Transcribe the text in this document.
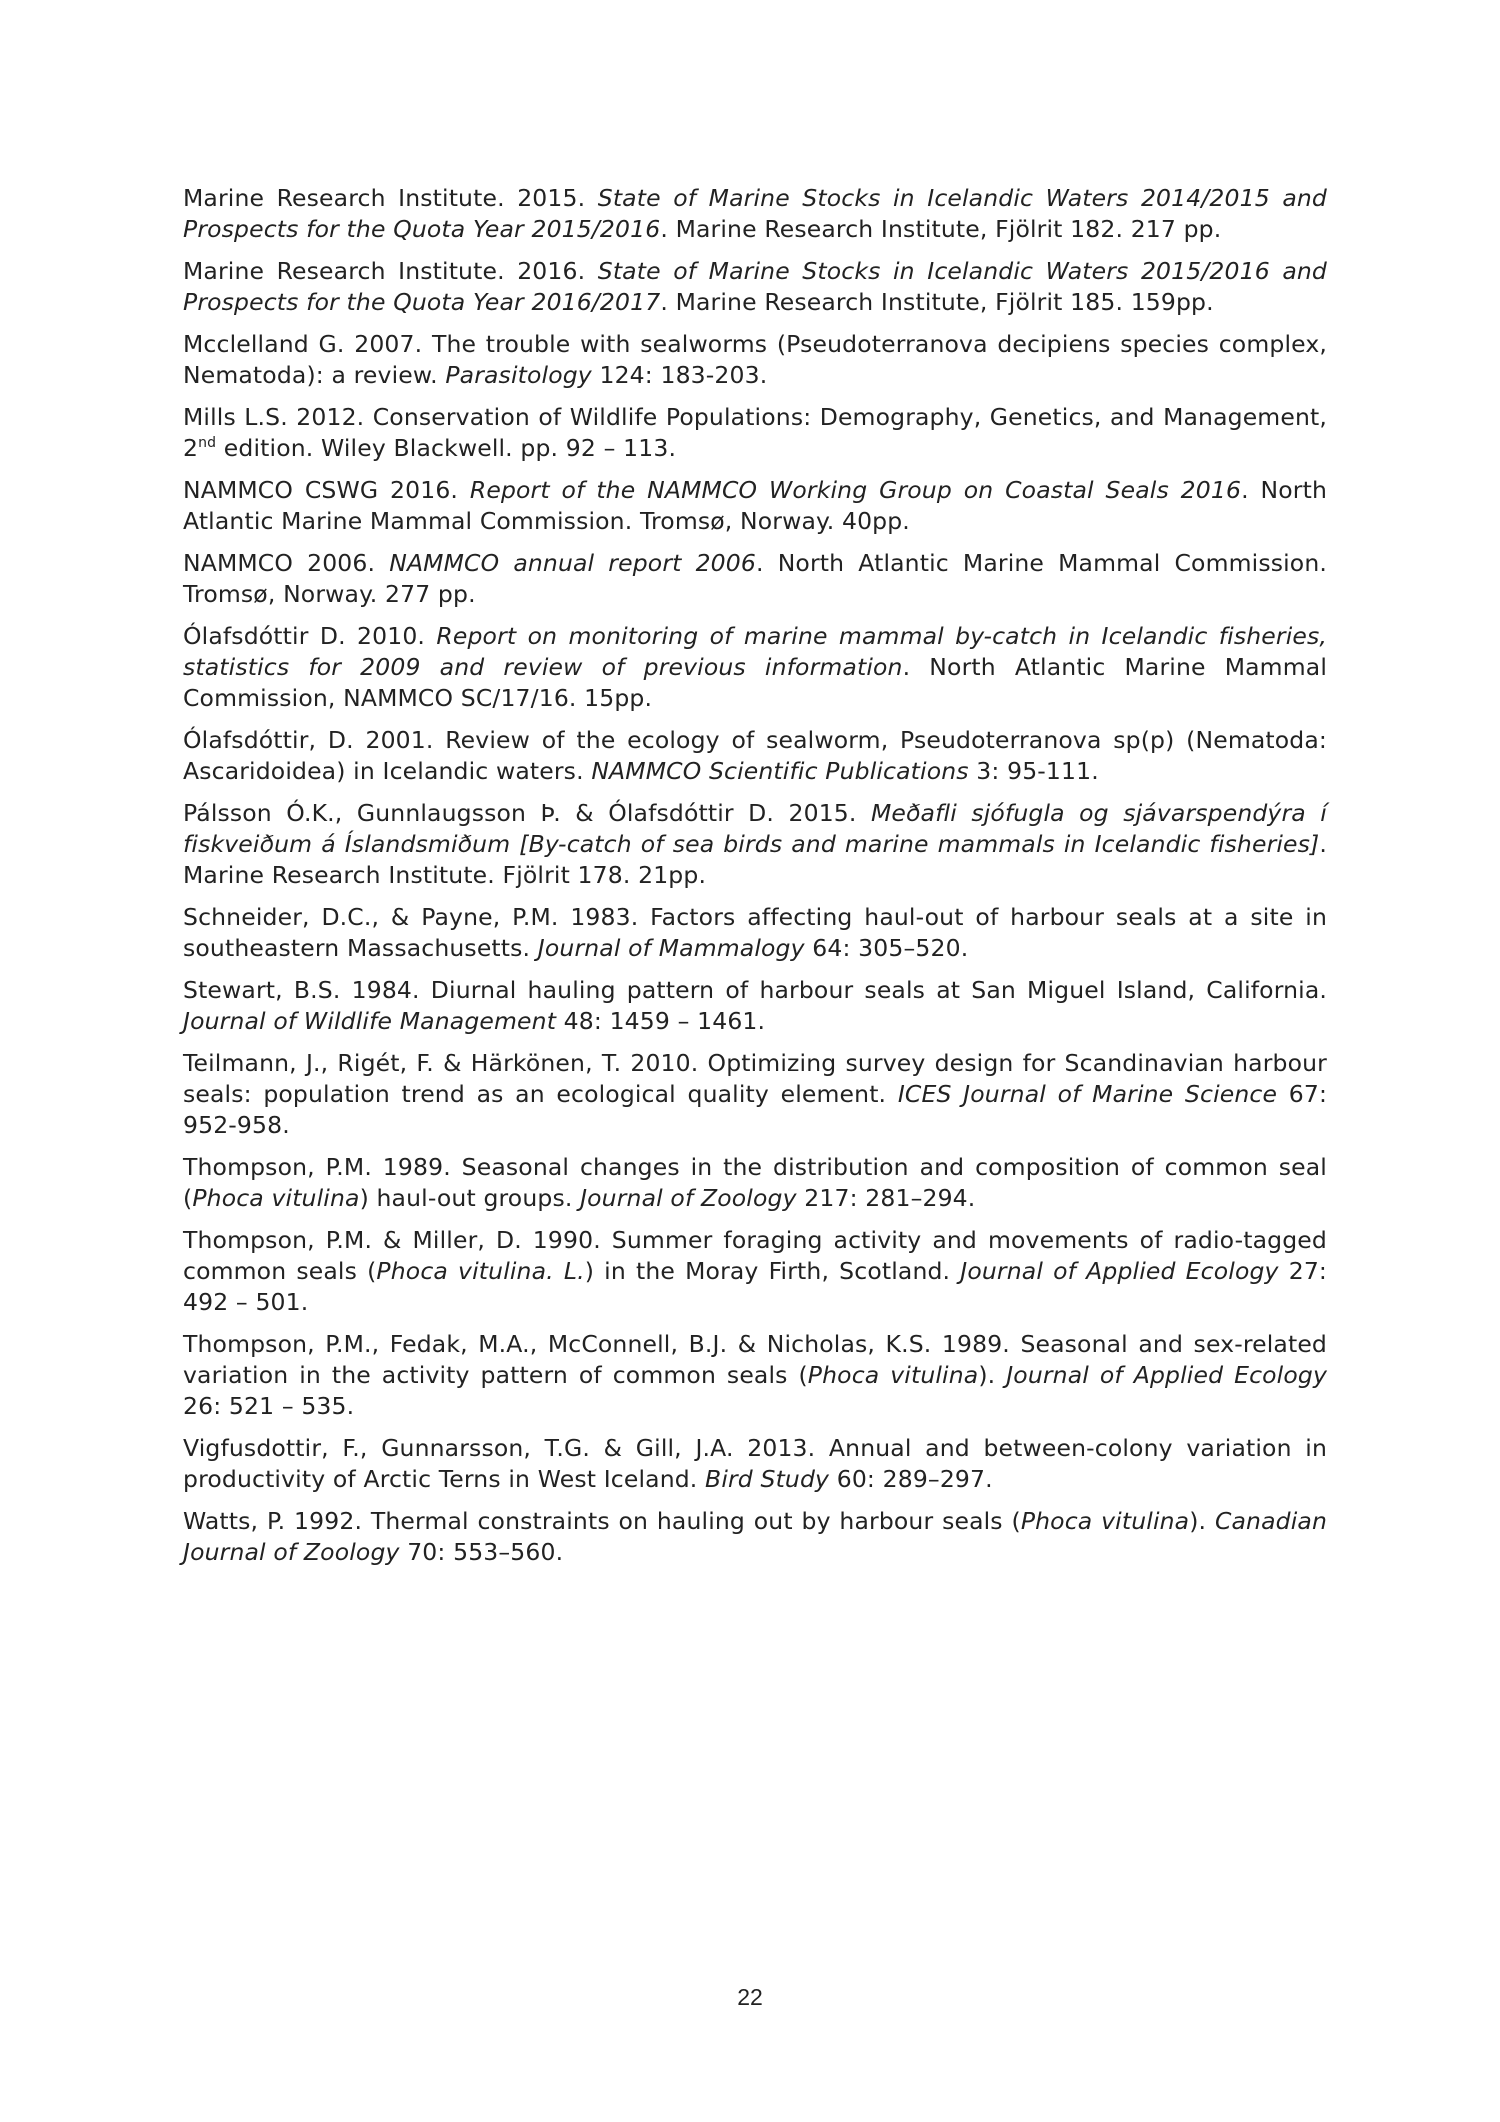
Marine Research Institute. 2015. State of Marine Stocks in Icelandic Waters 2014/2015 and Prospects for the Quota Year 2015/2016. Marine Research Institute, Fjölrit 182. 217 pp.

Marine Research Institute. 2016. State of Marine Stocks in Icelandic Waters 2015/2016 and Prospects for the Quota Year 2016/2017. Marine Research Institute, Fjölrit 185. 159pp.

Mcclelland G. 2007. The trouble with sealworms (Pseudoterranova decipiens species complex, Nematoda): a review. Parasitology 124: 183-203.

Mills L.S. 2012. Conservation of Wildlife Populations: Demography, Genetics, and Management, 2nd edition. Wiley Blackwell. pp. 92 – 113.

NAMMCO CSWG 2016. Report of the NAMMCO Working Group on Coastal Seals 2016. North Atlantic Marine Mammal Commission. Tromsø, Norway. 40pp.

NAMMCO 2006. NAMMCO annual report 2006. North Atlantic Marine Mammal Commission. Tromsø, Norway. 277 pp.

Ólafsdóttir D. 2010. Report on monitoring of marine mammal by-catch in Icelandic fisheries, statistics for 2009 and review of previous information. North Atlantic Marine Mammal Commission, NAMMCO SC/17/16. 15pp.

Ólafsdóttir, D. 2001. Review of the ecology of sealworm, Pseudoterranova sp(p) (Nematoda: Ascaridoidea) in Icelandic waters. NAMMCO Scientific Publications 3: 95-111.

Pálsson Ó.K., Gunnlaugsson Þ. & Ólafsdóttir D. 2015. Meðafli sjófugla og sjávarspendýra í fiskveiðum á Íslandsmiðum [By-catch of sea birds and marine mammals in Icelandic fisheries]. Marine Research Institute. Fjölrit 178. 21pp.

Schneider, D.C., & Payne, P.M. 1983. Factors affecting haul-out of harbour seals at a site in southeastern Massachusetts. Journal of Mammalogy 64: 305–520.

Stewart, B.S. 1984. Diurnal hauling pattern of harbour seals at San Miguel Island, California. Journal of Wildlife Management 48: 1459 – 1461.

Teilmann, J., Rigét, F. & Härkönen, T. 2010. Optimizing survey design for Scandinavian harbour seals: population trend as an ecological quality element. ICES Journal of Marine Science 67: 952-958.

Thompson, P.M. 1989. Seasonal changes in the distribution and composition of common seal (Phoca vitulina) haul-out groups. Journal of Zoology 217: 281–294.

Thompson, P.M. & Miller, D. 1990. Summer foraging activity and movements of radio-tagged common seals (Phoca vitulina. L.) in the Moray Firth, Scotland. Journal of Applied Ecology 27: 492 – 501.

Thompson, P.M., Fedak, M.A., McConnell, B.J. & Nicholas, K.S. 1989. Seasonal and sex-related variation in the activity pattern of common seals (Phoca vitulina). Journal of Applied Ecology 26: 521 – 535.

Vigfusdottir, F., Gunnarsson, T.G. & Gill, J.A. 2013. Annual and between-colony variation in productivity of Arctic Terns in West Iceland. Bird Study 60: 289–297.

Watts, P. 1992. Thermal constraints on hauling out by harbour seals (Phoca vitulina). Canadian Journal of Zoology 70: 553–560.

22
